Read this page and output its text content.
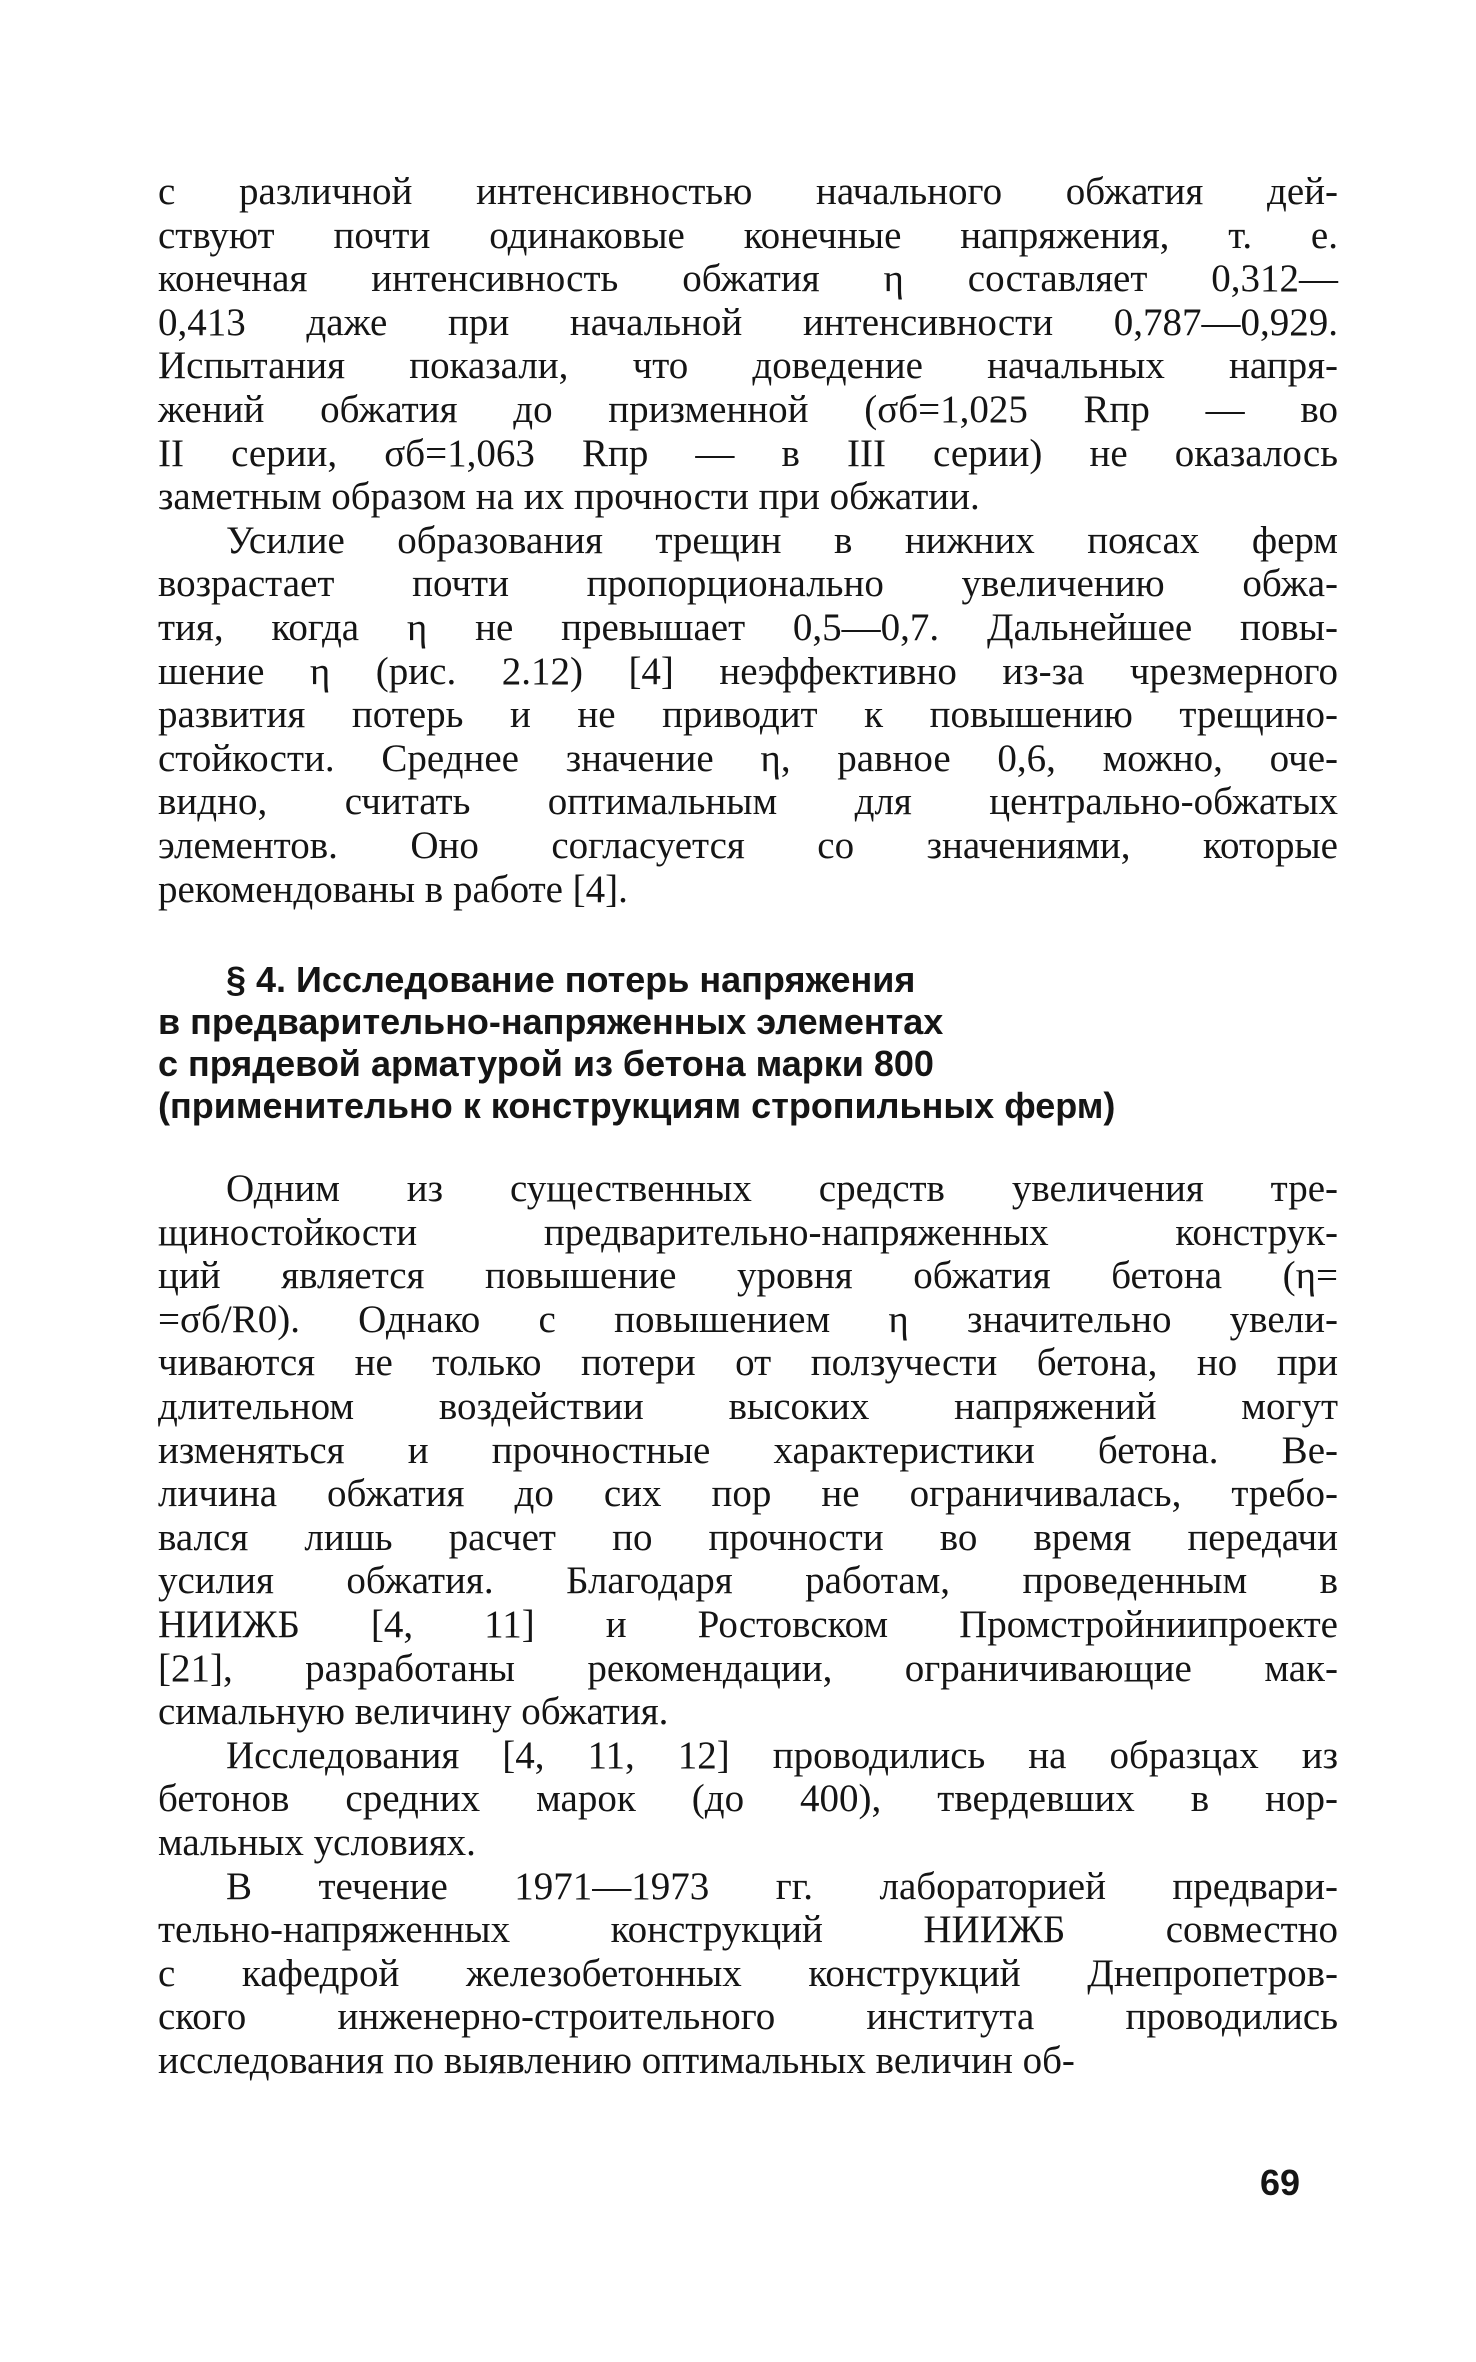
с различной интенсивностью начального обжатия дей-
ствуют почти одинаковые конечные напряжения, т. е.
конечная интенсивность обжатия η составляет 0,312—
0,413 даже при начальной интенсивности 0,787—0,929.
Испытания показали, что доведение начальных напря-
жений обжатия до призменной (σб=1,025 Rпр — во
II серии, σб=1,063 Rпр — в III серии) не оказалось
заметным образом на их прочности при обжатии.

Усилие образования трещин в нижних поясах ферм
возрастает почти пропорционально увеличению обжа-
тия, когда η не превышает 0,5—0,7. Дальнейшее повы-
шение η (рис. 2.12) [4] неэффективно из-за чрезмерного
развития потерь и не приводит к повышению трещино-
стойкости. Среднее значение η, равное 0,6, можно, оче-
видно, считать оптимальным для центрально-обжатых
элементов. Оно согласуется со значениями, которые
рекомендованы в работе [4].

§ 4. Исследование потерь напряжения
в предварительно-напряженных элементах
с прядевой арматурой из бетона марки 800
(применительно к конструкциям стропильных ферм)

Одним из существенных средств увеличения тре-
щиностойкости предварительно-напряженных конструк-
ций является повышение уровня обжатия бетона (η=
=σб/R0). Однако с повышением η значительно увели-
чиваются не только потери от ползучести бетона, но при
длительном воздействии высоких напряжений могут
изменяться и прочностные характеристики бетона. Ве-
личина обжатия до сих пор не ограничивалась, требо-
вался лишь расчет по прочности во время передачи
усилия обжатия. Благодаря работам, проведенным в
НИИЖБ [4, 11] и Ростовском Промстройниипроекте
[21], разработаны рекомендации, ограничивающие мак-
симальную величину обжатия.

Исследования [4, 11, 12] проводились на образцах из
бетонов средних марок (до 400), твердевших в нор-
мальных условиях.

В течение 1971—1973 гг. лабораторией предвари-
тельно-напряженных конструкций НИИЖБ совместно
с кафедрой железобетонных конструкций Днепропетров-
ского инженерно-строительного института проводились
исследования по выявлению оптимальных величин об-

69
